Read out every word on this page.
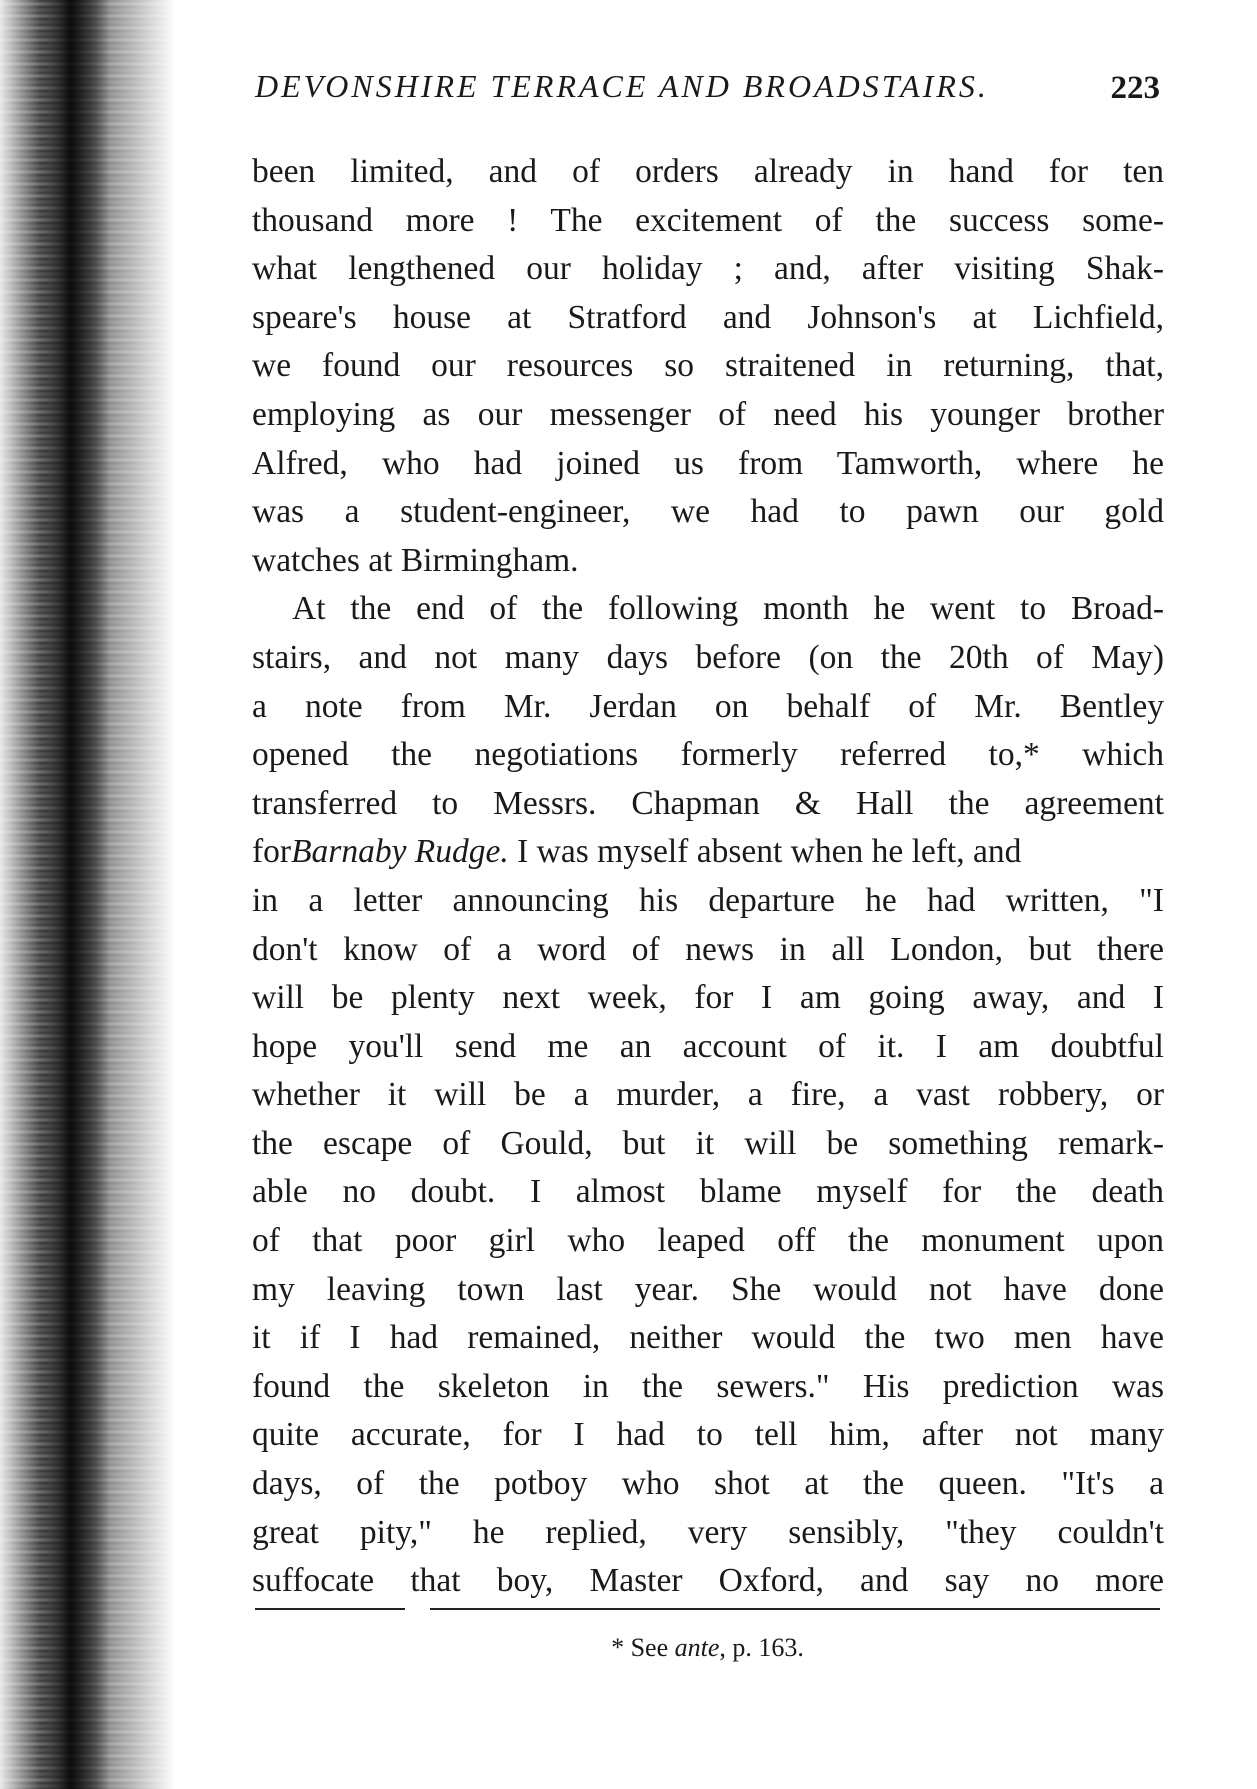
DEVONSHIRE TERRACE AND BROADSTAIRS.	223
been limited, and of orders already in hand for ten
thousand more ! The excitement of the success some-
what lengthened our holiday ; and, after visiting Shak-
speare's house at Stratford and Johnson's at Lichfield,
we found our resources so straitened in returning, that,
employing as our messenger of need his younger brother
Alfred, who had joined us from Tamworth, where he
was a student-engineer, we had to pawn our gold
watches at Birmingham.
At the end of the following month he went to Broad-
stairs, and not many days before (on the 20th of May)
a note from Mr. Jerdan on behalf of Mr. Bentley
opened the negotiations formerly referred to,* which
transferred to Messrs. Chapman & Hall the agreement
forBarnaby Rudge. I was myself absent when he left, and
in a letter announcing his departure he had written, "I
don't know of a word of news in all London, but there
will be plenty next week, for I am going away, and I
hope you'll send me an account of it. I am doubtful
whether it will be a murder, a fire, a vast robbery, or
the escape of Gould, but it will be something remark-
able no doubt. I almost blame myself for the death
of that poor girl who leaped off the monument upon
my leaving town last year. She would not have done
it if I had remained, neither would the two men have
found the skeleton in the sewers." His prediction was
quite accurate, for I had to tell him, after not many
days, of the potboy who shot at the queen. "It's a
great pity," he replied, very sensibly, "they couldn't
suffocate that boy, Master Oxford, and say no more
* See ante, p. 163.
